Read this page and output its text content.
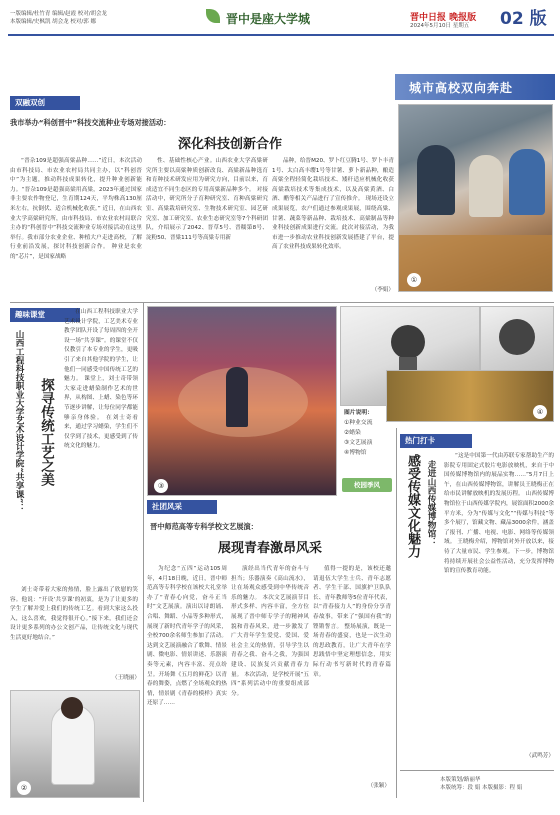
一版编辑/杜竹青 编辑/赵霞 校对/胡会龙
本版编辑/史枫凯 胡会龙 校对/郭 娜	晋中是座大学城	晋中日报 晚报版
2024年5月10日 星期五	02 版
城市高校双向奔赴
双融双创
我市举办“科创晋中”科技交流种业专场对接活动：
深化科技创新合作

“晋杂109是超强高粱品种……”近日，本次活动由市科技局、市农业农村局共同主办，以“科创晋中”为主题，推动科技成果转化，提升种业创新能力。“晋杂109是超强高粱用高粱，2023年通过国家非主要农作物登记，生育期124天，平均株高130厘米左右，抗倒伏、适合机械化收获。” 近日，在山西农业大学高粱研究所，由市科技局、市农业农村局联合主办的“科创晋中”科技交流种业专场对接活动在这里举行。我市部分农业企业、种植大户走进高校，了解行业前沿发展，探讨科技创新合作。 种业是农业的“芯片”，是国家战略

性、基础性核心产业。山西农业大学高粱研究所主要以高粱种质创新改良、高粱新品种选育和育种技术研发应用为研究方向，目前以来，育成适宜不同生态区的专用高粱新品种多个。 对接活动中，研究所分子育种研究室、育种高粱研究室、高粱栽培研究室、生物技术研究室、园艺研究室、加工研究室、农业生态研究室等7个科研团队，介绍展示了2042、晋草5号、晋糯第8号、淀粉50、晋粱111号等高粱专用新

品种，给晋M20、罗卜红豆腾1号、罗卜丰青1号、太白高丰缨1号等甘薯、萝卜新品种，酿造高粱全程轻简化栽培技术、矮秆适应机械化收获高粱栽培技术等集成技术，以及高粱黄酒、白酒、醋等相关产品进行了宣传推介。 现场还设立成果展览，农户们通过参观成果展，围绕高粱、甘薯、蔬菜等新品种、栽培技术、高粱制品等种业科技创新成果进行交流。此次对接活动，为我市进一步推动农业科技创新发展搭建了平台，提高了农业科技成果转化效率。

（李娟）
①
趣味课堂
山西工程科技职业大学艺术设计学院“共享课”： 探寻传统工艺之美

在山西工程科技职业大学艺术设计学院，工艺美术专业教学团队开设了每周四的全开设一场“共享课”。的课堂不仅仅教引了本专业的学生，更吸引了来自其他学院的学生，让他们一同感受中国传统工艺的魅力。 课堂上，刘士奇带领大家走进蜡染制作艺术的世界，从构图、上蜡、染色等环节逐步讲解，让每位同学都能够亲身体验。 在刘士奇看来，通过学习蜡染，学生们不仅学到了技术，更感受到了传统文化的魅力。

刘士奇带着大家的热情，脸上露出了欣慰的笑容。他说：“开设‘共享课’的初衷，是为了让更多的学生了解并爱上我们的传统工艺。看到大家这么投入，这么喜欢，我觉得很开心。”接下来，我们还会设计更多系列的办公文创产品，让传统文化与现代生活更好地结合。”

（王晓丽）
②
③
④
图片说明：
①种业交流
②蜡染
③文艺展演
④博物馆
校园季风
热门打卡
社团风采
晋中师范高等专科学校文艺展演：
展现青春激昂风采

为纪念“五四”运动105周年，4月18日晚，近日，晋中师范高等专科学校在该校大礼堂举办了“青春心向党，奋斗正当时”文艺展演。演出以诗朗诵、合唱、舞蹈、小品等多种形式，展现了新时代青年学子的风采，全校700余名师生参加了活动。 达到文艺展演融合了歌舞、情景剧、微电影、情景讲述、乐器演奏等元素，内容丰富、亮点纷呈。开场舞《五月的鲜花》以青春的舞姿，点燃了全场观众的热情，情景剧《青春的模样》真实还原了……

演经出当代青年的奋斗与担当；乐器演奏《高山流水》，让在场观众感受到中华传统音乐的魅力。 本次文艺展演节目形式多样、内容丰富，全方位展现了晋中师专学子的精神风貌和青春风采，进一步激发了广大青年学生爱党、爱国、爱社会主义的热情，引导学生以青春之我、奋斗之我，为强国建设、民族复兴贡献青春力量。 本次活动，是学校开展“五四”系列活动中的重要组成部分。

值得一提的是，该校还邀请退伍大学生士兵、青年志愿者、学生干部、国旗护卫队队长、青年教师等5位青年代表，以“青春接力人”的身份分享青春故事，带来了“强国有我”的铿锵誓言。 整场展演，既是一场青春的盛宴，也是一次生动的思政教育，让广大青年在学思践悟中坚定理想信念，用实际行动书写新时代的青春篇章。

（张颖）
感受传媒文化魅力 走进山西传媒博物馆：

“这是中国第一代由苏联专家帮助生产的影院专用固定式胶片电影放映机，来自于中国传媒博物馆内的展品实物……”5月7日上午，在山西传媒博物馆，讲解员王晓梅正在给市民讲解放映机的发展历程。 山西传媒博物馆位于山西传媒学院内，展馆面积2000余平方米，分为“传媒与文化”“传媒与科技”等多个展厅，馆藏文物、藏品3000余件，涵盖了报刊、广播、电视、电影、网络等传媒领域。 王晓梅介绍，博物馆对外开放以来，接待了大量市民、学生参观。下一步，博物馆将持续开展社会公益性活动，充分发挥博物馆的宣传教育功能。

（武鸣芳）
本版策划/路丽华
本版统筹：段 娟 本版摄影：程 娟
